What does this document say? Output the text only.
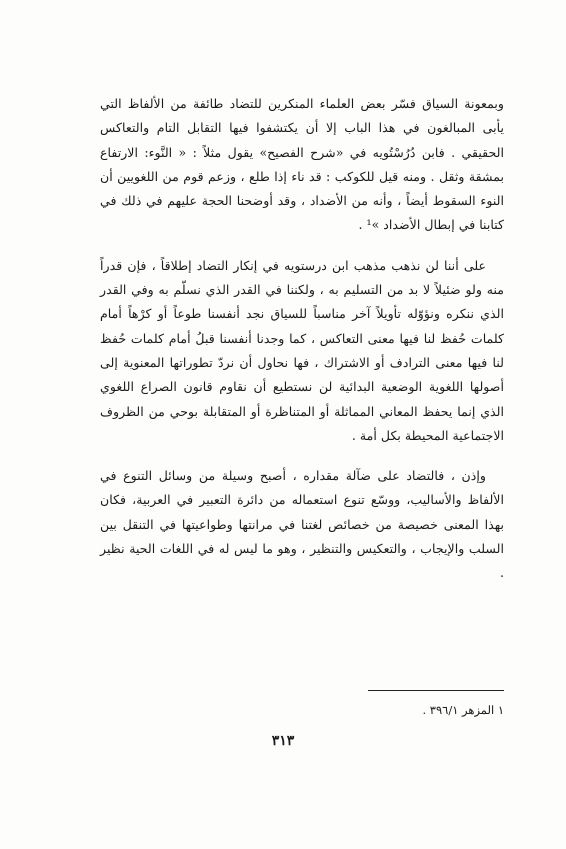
وبمعونة السياق فسّر بعض العلماء المنكرين للتضاد طائفة من الألفاظ التي يأبى المبالغون في هذا الباب إلا أن يكتشفوا فيها التقابل التام والتعاكس الحقيقي . فابن دُرُسْتُويه في «شرح الفصيح» يقول مثلاً : « النَّوء: الارتفاع بمشقة وثقل . ومنه قيل للكوكب : قد ناء إذا طلع ، وزعم قوم من اللغويين أن النوء السقوط أيضاً ، وأنه من الأضداد ، وقد أوضحنا الحجة عليهم في ذلك في كتابنا في إبطال الأضداد »¹ .

على أننا لن نذهب مذهب ابن درستويه في إنكار التضاد إطلاقاً ، فإن قدراً منه ولو ضئيلاً لا بد من التسليم به ، ولكننا في القدر الذي نسلّم به وفي القدر الذي ننكره ونؤوّله تأويلاً آخر مناسباً للسياق نجد أنفسنا طوعاً أو كرْهاً أمام كلمات حُفظ لنا فيها معنى التعاكس ، كما وجدنا أنفسنا قبلُ أمام كلمات حُفظ لنا فيها معنى الترادف أو الاشتراك ، فها نحاول أن نردّ تطوراتها المعنوية إلى أصولها اللغوية الوضعية البدائية لن نستطيع أن نقاوم قانون الصراع اللغوي الذي إنما يحفظ المعاني المماثلة أو المتناظرة أو المتقابلة بوحي من الظروف الاجتماعية المحيطة بكل أمة .

وإذن ، فالتضاد على ضآلة مقداره ، أصبح وسيلة من وسائل التنوع في الألفاظ والأساليب، ووسّع تنوع استعماله من دائرة التعبير في العربية، فكان بهذا المعنى خصيصة من خصائص لغتنا في مرانتها وطواعيتها في التنقل بين السلب والإيجاب ، والتعكيس والتنظير ، وهو ما ليس له في اللغات الحية نظير .

١ المزهر ٣٩٦/١ .
٣١٣
